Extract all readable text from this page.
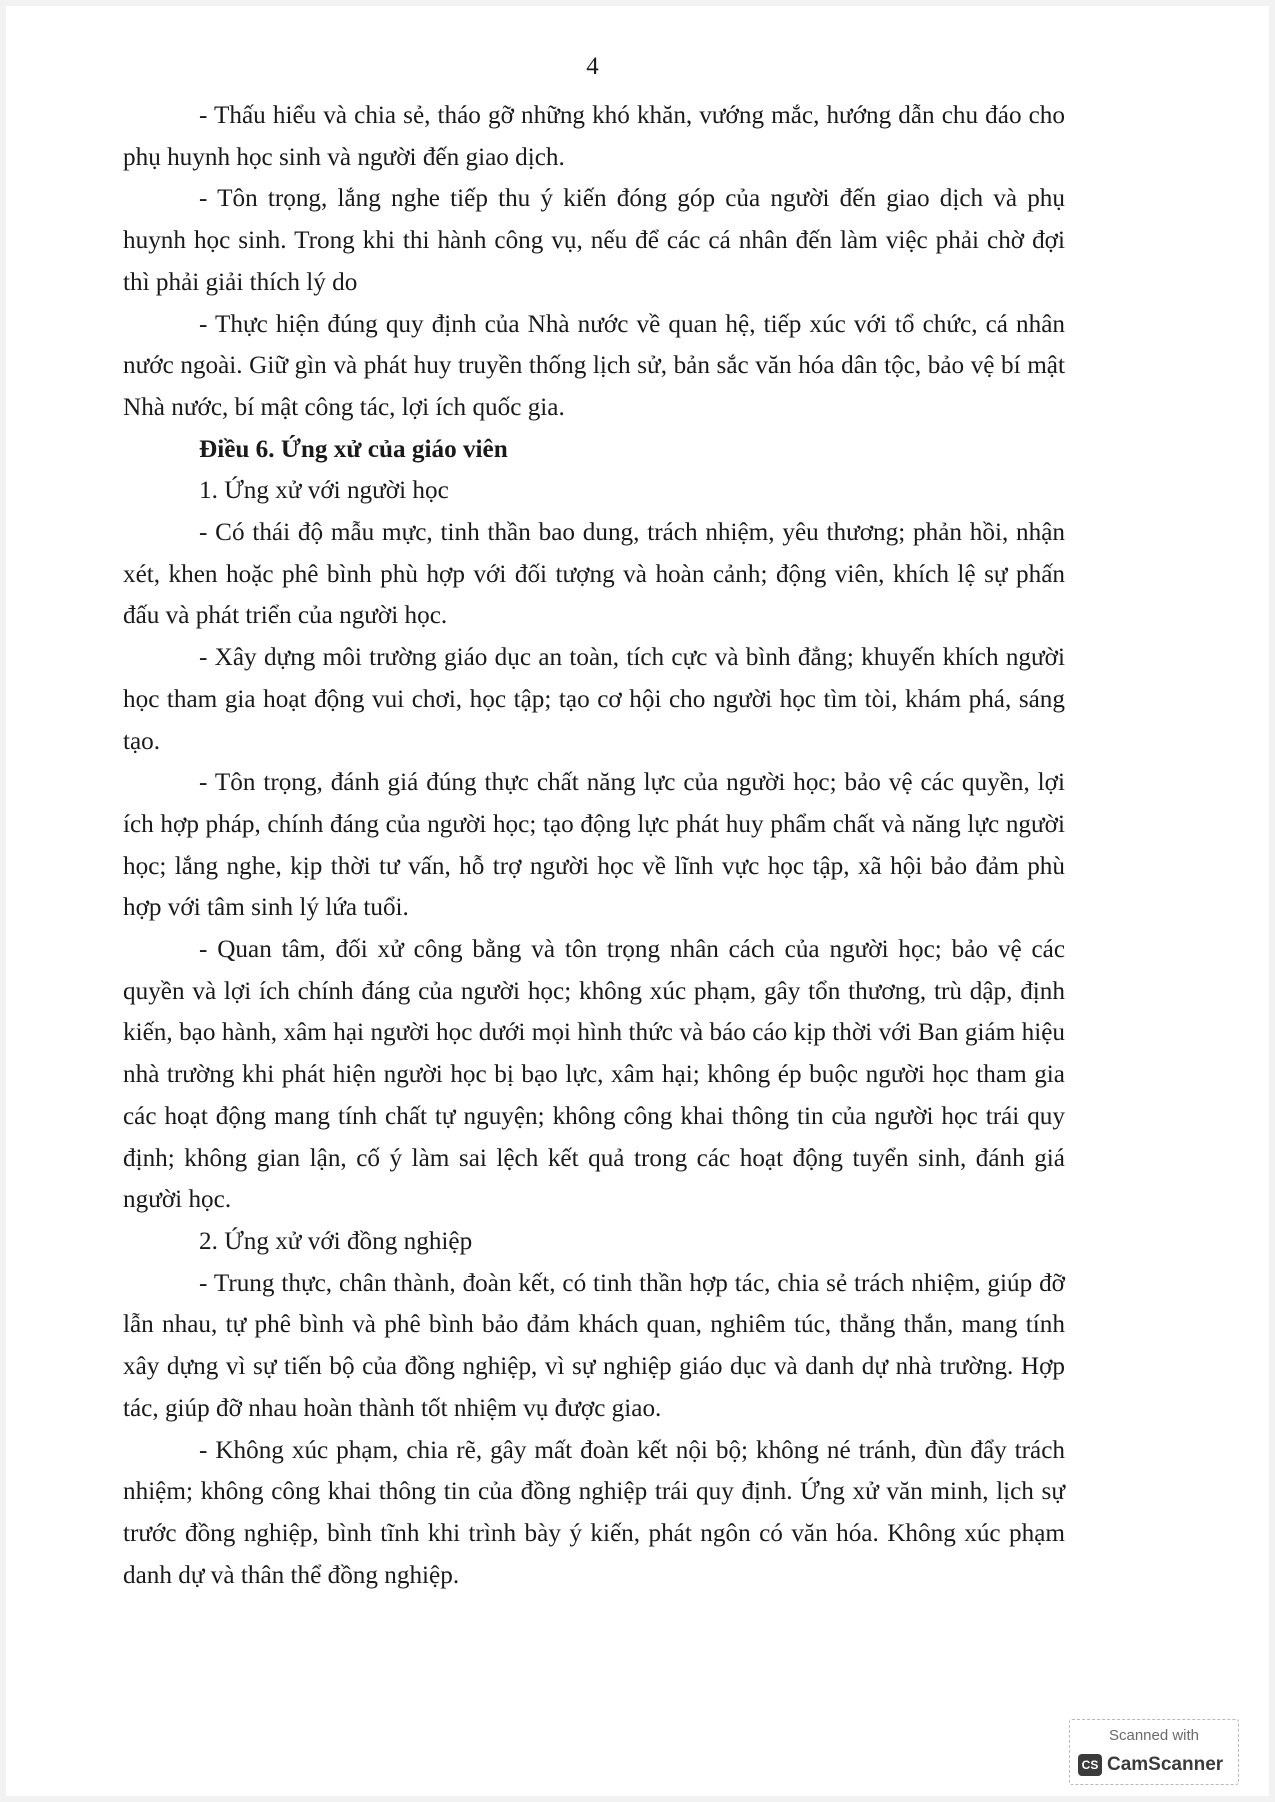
4

- Thấu hiểu và chia sẻ, tháo gỡ những khó khăn, vướng mắc, hướng dẫn chu đáo cho phụ huynh học sinh và người đến giao dịch.

- Tôn trọng, lắng nghe tiếp thu ý kiến đóng góp của người đến giao dịch và phụ huynh học sinh. Trong khi thi hành công vụ, nếu để các cá nhân đến làm việc phải chờ đợi thì phải giải thích lý do

- Thực hiện đúng quy định của Nhà nước về quan hệ, tiếp xúc với tổ chức, cá nhân nước ngoài. Giữ gìn và phát huy truyền thống lịch sử, bản sắc văn hóa dân tộc, bảo vệ bí mật Nhà nước, bí mật công tác, lợi ích quốc gia.

Điều 6. Ứng xử của giáo viên

1. Ứng xử với người học

- Có thái độ mẫu mực, tinh thần bao dung, trách nhiệm, yêu thương; phản hồi, nhận xét, khen hoặc phê bình phù hợp với đối tượng và hoàn cảnh; động viên, khích lệ sự phấn đấu và phát triển của người học.

- Xây dựng môi trường giáo dục an toàn, tích cực và bình đẳng; khuyến khích người học tham gia hoạt động vui chơi, học tập; tạo cơ hội cho người học tìm tòi, khám phá, sáng tạo.

- Tôn trọng, đánh giá đúng thực chất năng lực của người học; bảo vệ các quyền, lợi ích hợp pháp, chính đáng của người học; tạo động lực phát huy phẩm chất và năng lực người học; lắng nghe, kịp thời tư vấn, hỗ trợ người học về lĩnh vực học tập, xã hội bảo đảm phù hợp với tâm sinh lý lứa tuổi.

- Quan tâm, đối xử công bằng và tôn trọng nhân cách của người học; bảo vệ các quyền và lợi ích chính đáng của người học; không xúc phạm, gây tổn thương, trù dập, định kiến, bạo hành, xâm hại người học dưới mọi hình thức và báo cáo kịp thời với Ban giám hiệu nhà trường khi phát hiện người học bị bạo lực, xâm hại; không ép buộc người học tham gia các hoạt động mang tính chất tự nguyện; không công khai thông tin của người học trái quy định; không gian lận, cố ý làm sai lệch kết quả trong các hoạt động tuyển sinh, đánh giá người học.

2. Ứng xử với đồng nghiệp

- Trung thực, chân thành, đoàn kết, có tinh thần hợp tác, chia sẻ trách nhiệm, giúp đỡ lẫn nhau, tự phê bình và phê bình bảo đảm khách quan, nghiêm túc, thẳng thắn, mang tính xây dựng vì sự tiến bộ của đồng nghiệp, vì sự nghiệp giáo dục và danh dự nhà trường. Hợp tác, giúp đỡ nhau hoàn thành tốt nhiệm vụ được giao.

- Không xúc phạm, chia rẽ, gây mất đoàn kết nội bộ; không né tránh, đùn đẩy trách nhiệm; không công khai thông tin của đồng nghiệp trái quy định. Ứng xử văn minh, lịch sự trước đồng nghiệp, bình tĩnh khi trình bày ý kiến, phát ngôn có văn hóa. Không xúc phạm danh dự và thân thể đồng nghiệp.

Scanned with
CS CamScanner
